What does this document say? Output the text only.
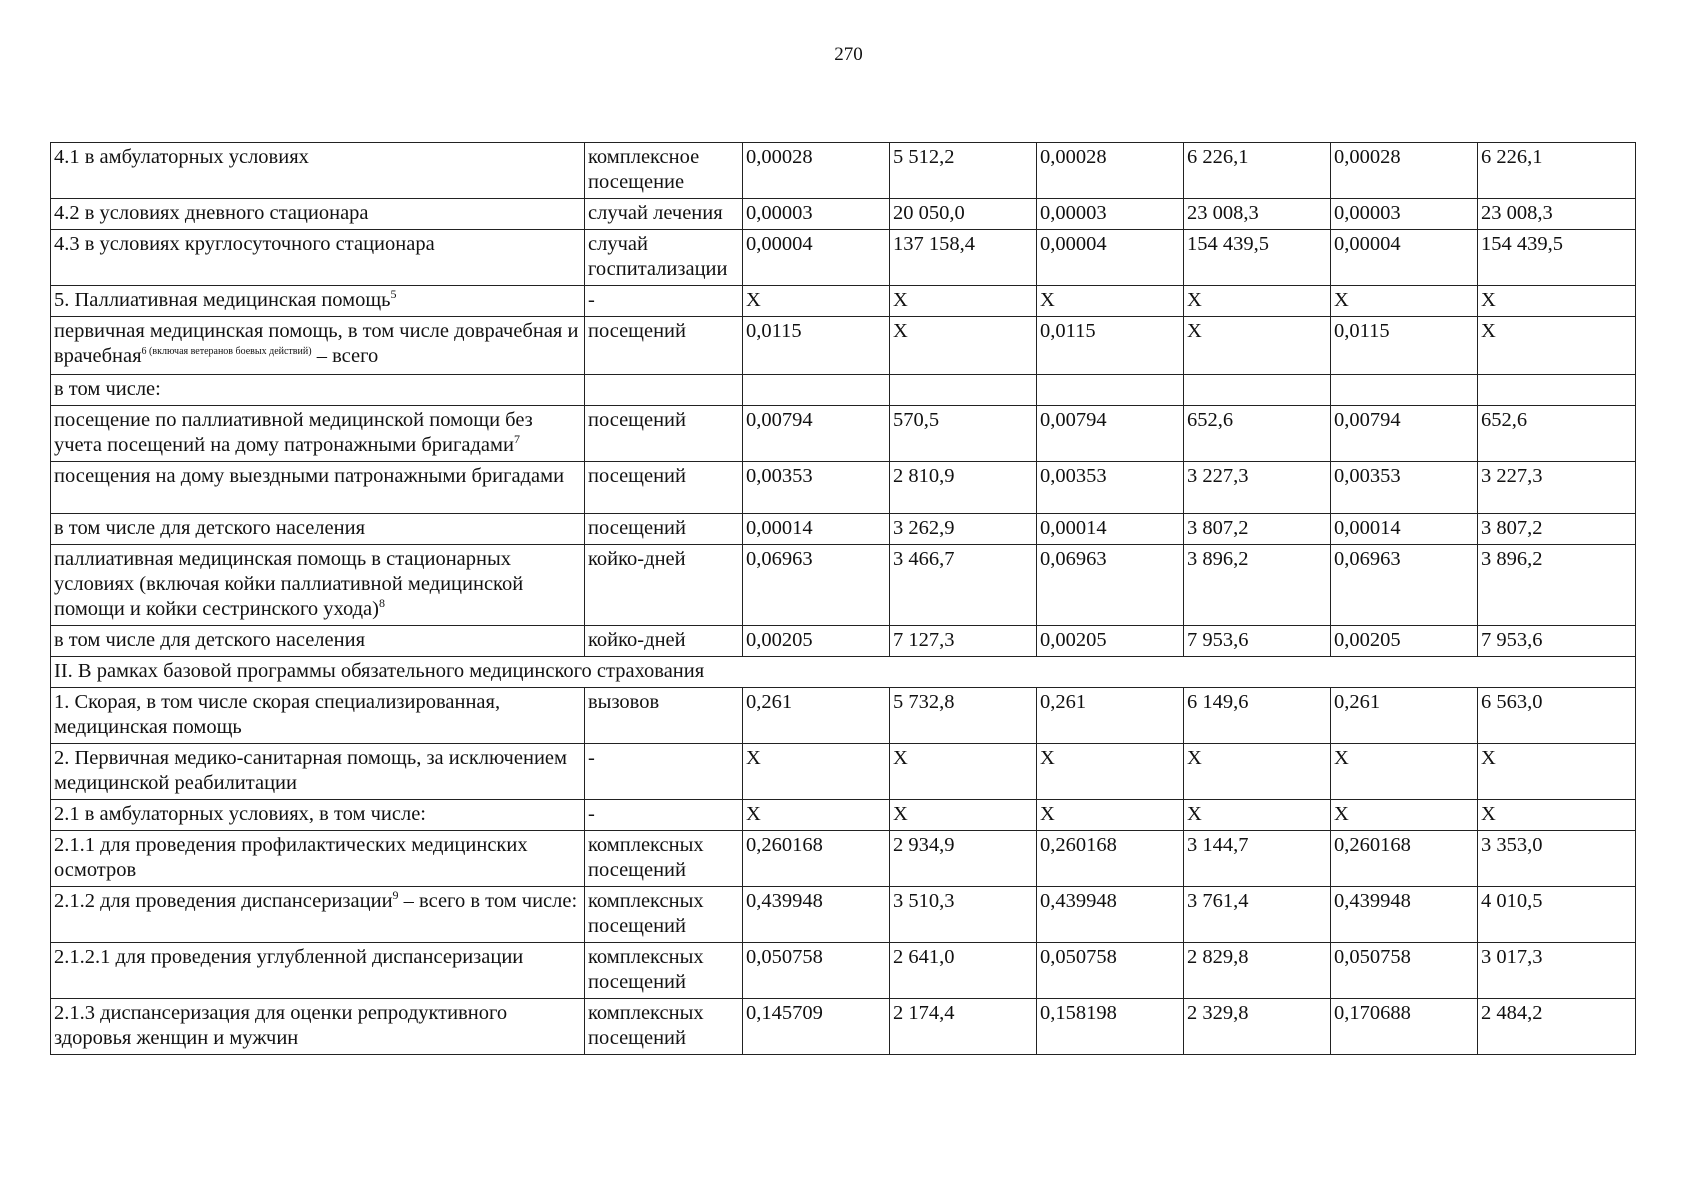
270
4.1 в амбулаторных условиях	комплексное посещение	0,00028	5 512,2	0,00028	6 226,1	0,00028	6 226,1
4.2 в условиях дневного стационара	случай лечения	0,00003	20 050,0	0,00003	23 008,3	0,00003	23 008,3
4.3 в условиях круглосуточного стационара	случай госпитализации	0,00004	137 158,4	0,00004	154 439,5	0,00004	154 439,5
5. Паллиативная медицинская помощь$^5$	-	X	X	X	X	X	X
первичная медицинская помощь, в том числе доврачебная и врачебная$^{6 (включая ветеранов боевых действий)}$ – всего	посещений	0,0115	X	0,0115	X	0,0115	X
в том числе:							
посещение по паллиативной медицинской помощи без учета посещений на дому патронажными бригадами$^7$	посещений	0,00794	570,5	0,00794	652,6	0,00794	652,6
посещения на дому выездными патронажными бригадами	посещений	0,00353	2 810,9	0,00353	3 227,3	0,00353	3 227,3
в том числе для детского населения	посещений	0,00014	3 262,9	0,00014	3 807,2	0,00014	3 807,2
паллиативная медицинская помощь в стационарных условиях (включая койки паллиативной медицинской помощи и койки сестринского ухода)$^8$	койко-дней	0,06963	3 466,7	0,06963	3 896,2	0,06963	3 896,2
в том числе для детского населения	койко-дней	0,00205	7 127,3	0,00205	7 953,6	0,00205	7 953,6
II. В рамках базовой программы обязательного медицинского страхования							
1. Скорая, в том числе скорая специализированная, медицинская помощь	вызовов	0,261	5 732,8	0,261	6 149,6	0,261	6 563,0
2. Первичная медико-санитарная помощь, за исключением медицинской реабилитации	-	X	X	X	X	X	X
2.1 в амбулаторных условиях, в том числе:	-	X	X	X	X	X	X
2.1.1 для проведения профилактических медицинских осмотров	комплексных посещений	0,260168	2 934,9	0,260168	3 144,7	0,260168	3 353,0
2.1.2 для проведения диспансеризации$^9$ – всего в том числе:	комплексных посещений	0,439948	3 510,3	0,439948	3 761,4	0,439948	4 010,5
2.1.2.1 для проведения углубленной диспансеризации	комплексных посещений	0,050758	2 641,0	0,050758	2 829,8	0,050758	3 017,3
2.1.3 диспансеризация для оценки репродуктивного здоровья женщин и мужчин	комплексных посещений	0,145709	2 174,4	0,158198	2 329,8	0,170688	2 484,2
